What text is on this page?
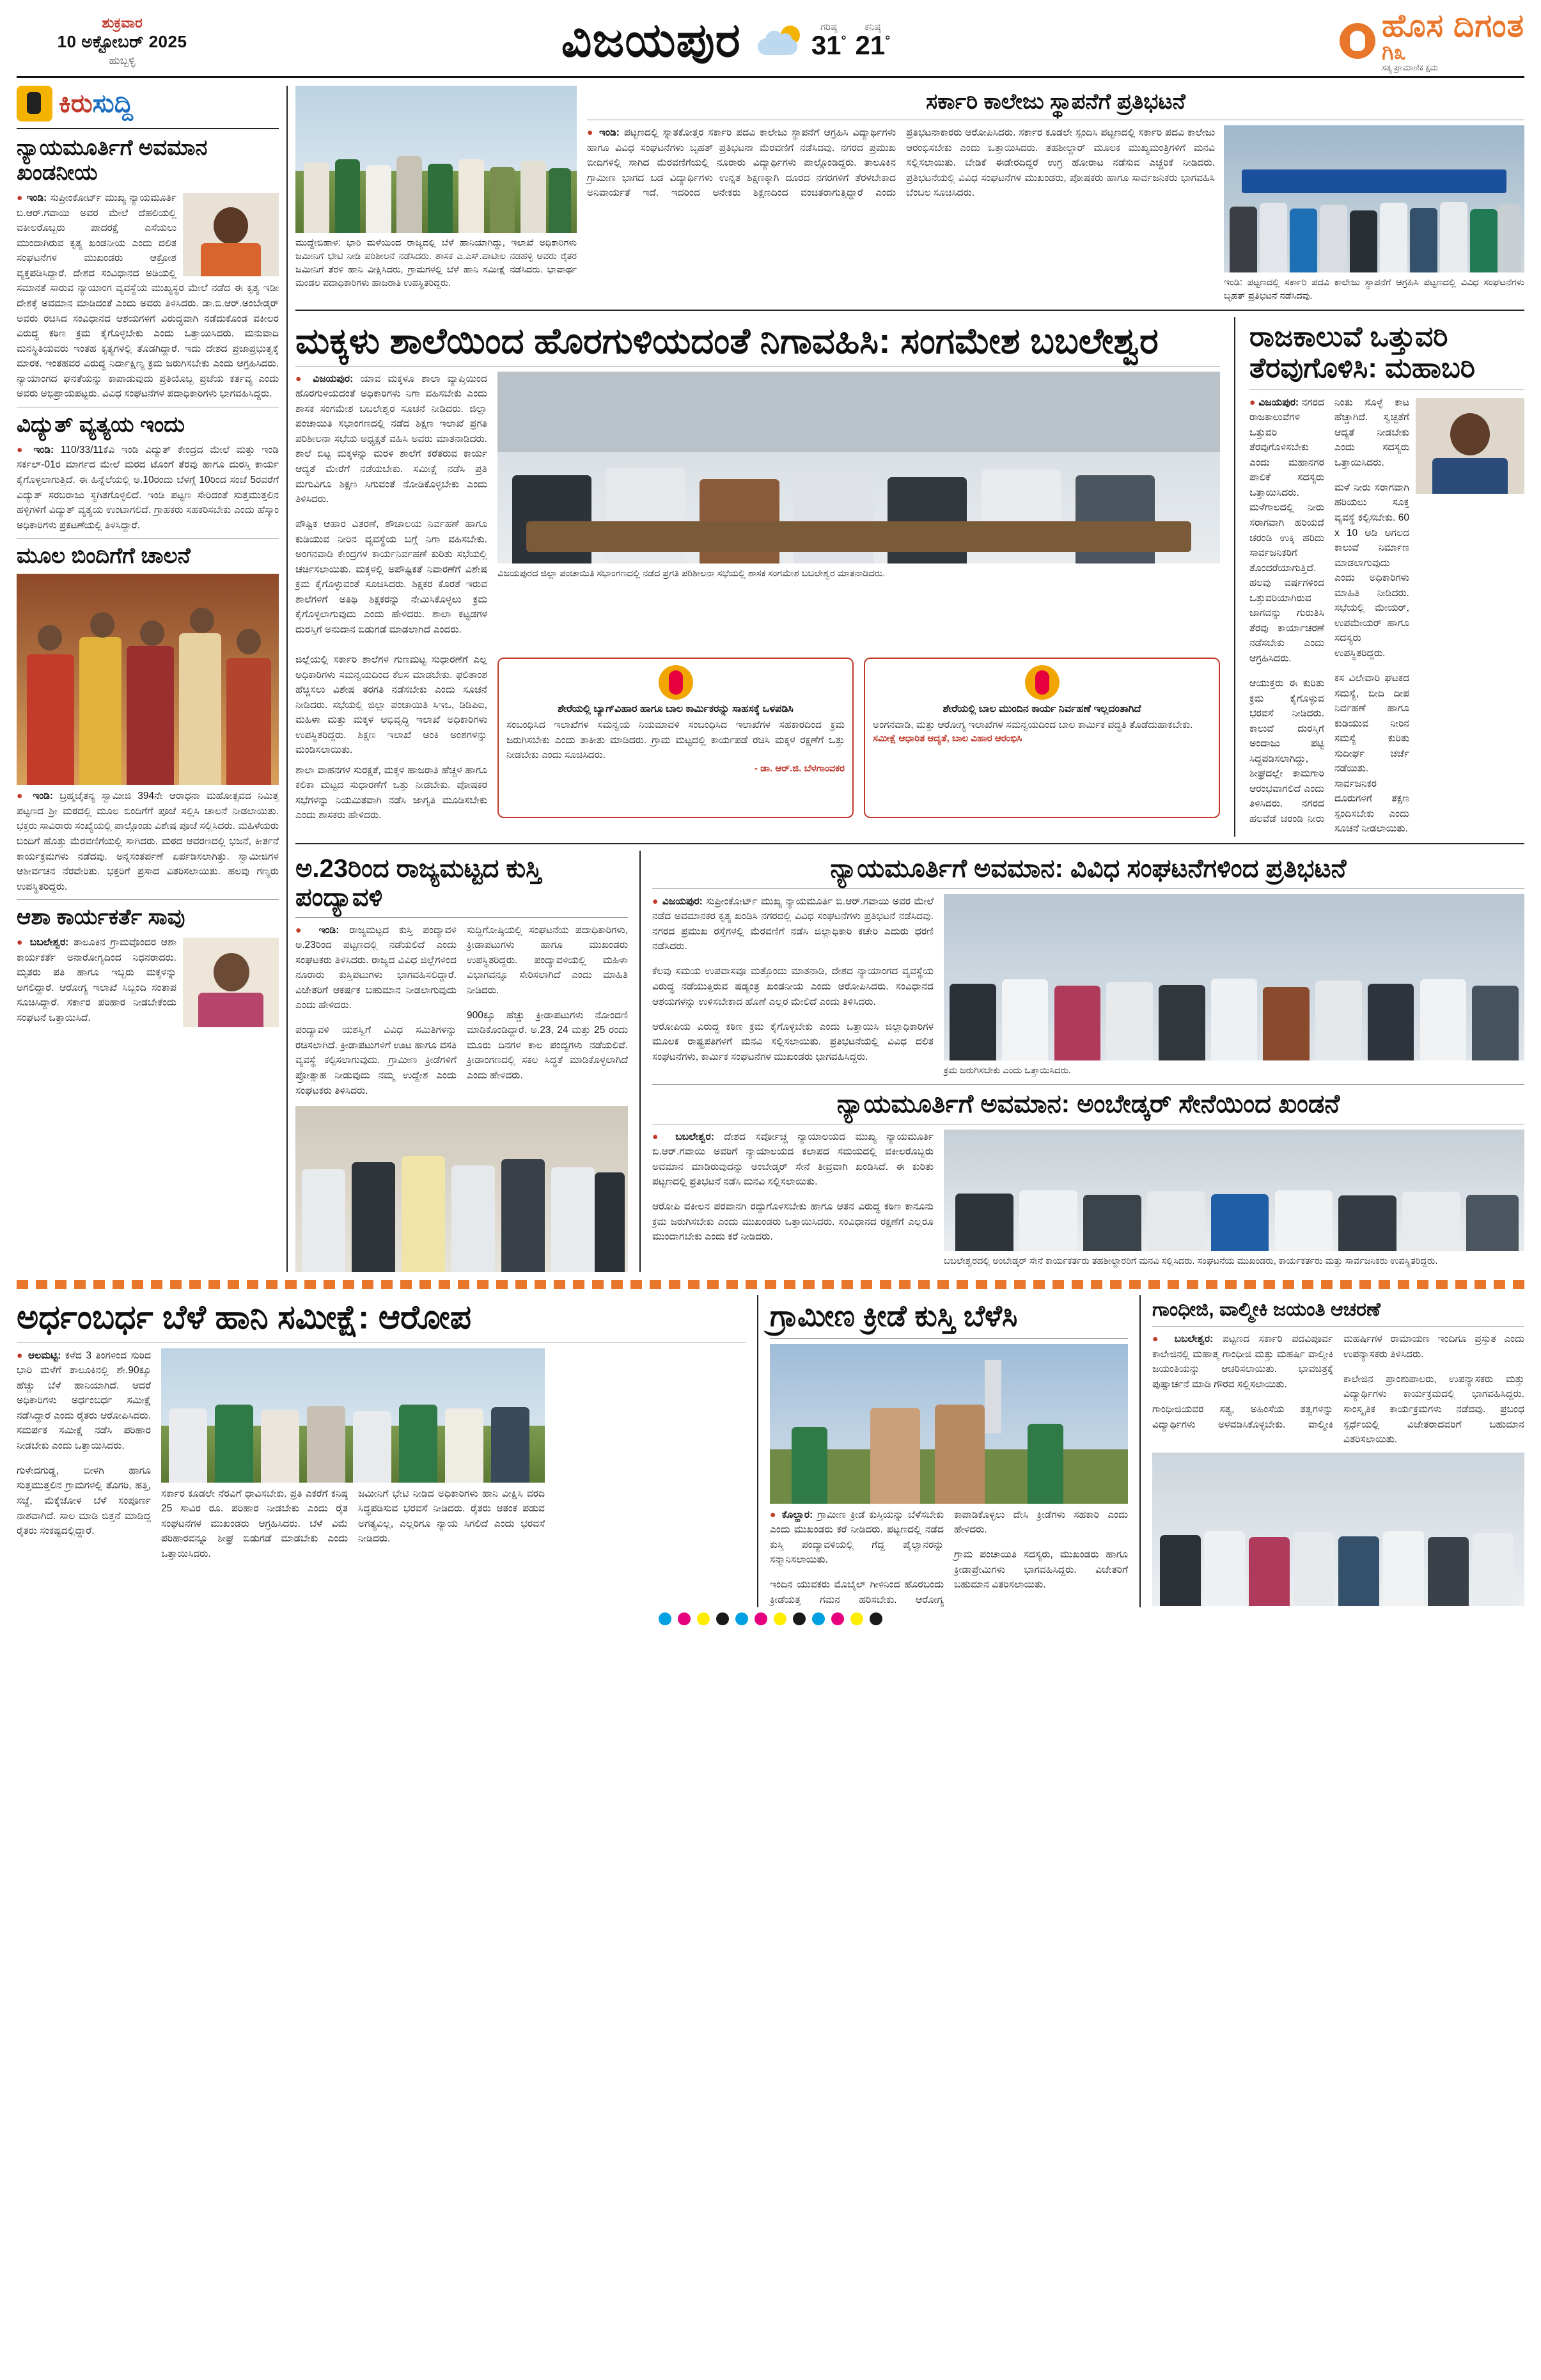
ಶುಕ್ರವಾರ
10 ಅಕ್ಟೋಬರ್ 2025
ಹುಬ್ಬಳ್ಳಿ	ವಿಜಯಪುರ	ಗರಿಷ್ಠ
31°
ಕನಿಷ್ಠ
21°	ಹೊಸ ದಿಗಂತ
ಗಿ೩
ಸತ್ಯ ಪ್ರಾಮಾಣಿಕ ಕ್ಷಮ
ಕಿರುಸುದ್ದಿ
ನ್ಯಾಯಮೂರ್ತಿಗೆ ಅವಮಾನ ಖಂಡನೀಯ
● ಇಂಡಿ: ಸುಪ್ರೀಂಕೋರ್ಟ್ ಮುಖ್ಯ ನ್ಯಾಯಮೂರ್ತಿ ಬಿ.ಆರ್.ಗವಾಯಿ ಅವರ ಮೇಲೆ ದೆಹಲಿಯಲ್ಲಿ ವಕೀಲರೊಬ್ಬರು ಪಾದರಕ್ಷೆ ಎಸೆಯಲು ಮುಂದಾಗಿರುವ ಕೃತ್ಯ ಖಂಡನೀಯ ಎಂದು ದಲಿತ ಸಂಘಟನೆಗಳ ಮುಖಂಡರು ಆಕ್ರೋಶ ವ್ಯಕ್ತಪಡಿಸಿದ್ದಾರೆ. ದೇಶದ ಸಂವಿಧಾನದ ಅಡಿಯಲ್ಲಿ ಸಮಾನತೆ ಸಾರುವ ನ್ಯಾಯಾಂಗ ವ್ಯವಸ್ಥೆಯ ಮುಖ್ಯಸ್ಥರ ಮೇಲೆ ನಡೆದ ಈ ಕೃತ್ಯ ಇಡೀ ದೇಶಕ್ಕೆ ಅವಮಾನ ಮಾಡಿದಂತೆ ಎಂದು ಅವರು ತಿಳಿಸಿದರು. ಡಾ.ಬಿ.ಆರ್.ಅಂಬೇಡ್ಕರ್ ಅವರು ರಚಿಸಿದ ಸಂವಿಧಾನದ ಆಶಯಗಳಿಗೆ ವಿರುದ್ಧವಾಗಿ ನಡೆದುಕೊಂಡ ವಕೀಲರ ವಿರುದ್ಧ ಕಠಿಣ ಕ್ರಮ ಕೈಗೊಳ್ಳಬೇಕು ಎಂದು ಒತ್ತಾಯಿಸಿದರು. ಮನುವಾದಿ ಮನಸ್ಥಿತಿಯವರು ಇಂತಹ ಕೃತ್ಯಗಳಲ್ಲಿ ತೊಡಗಿದ್ದಾರೆ. ಇದು ದೇಶದ ಪ್ರಜಾಪ್ರಭುತ್ವಕ್ಕೆ ಮಾರಕ. ಇಂತಹವರ ವಿರುದ್ಧ ನಿರ್ದಾಕ್ಷಿಣ್ಯ ಕ್ರಮ ಜರುಗಿಸಬೇಕು ಎಂದು ಆಗ್ರಹಿಸಿದರು. ನ್ಯಾಯಾಂಗದ ಘನತೆಯನ್ನು ಕಾಪಾಡುವುದು ಪ್ರತಿಯೊಬ್ಬ ಪ್ರಜೆಯ ಕರ್ತವ್ಯ ಎಂದು ಅವರು ಅಭಿಪ್ರಾಯಪಟ್ಟರು. ವಿವಿಧ ಸಂಘಟನೆಗಳ ಪದಾಧಿಕಾರಿಗಳು ಭಾಗವಹಿಸಿದ್ದರು.
ವಿದ್ಯುತ್ ವ್ಯತ್ಯಯ ಇಂದು
● ಇಂಡಿ: 110/33/11ಕೆವಿ ಇಂಡಿ ವಿದ್ಯುತ್ ಕೇಂದ್ರದ ಮೇಲೆ ಮತ್ತು ಇಂಡಿ ಸರ್ಕಲ್-01ರ ಮಾರ್ಗದ ಮೇಲೆ ಮರದ ಟೊಂಗೆ ತೆರವು ಹಾಗೂ ದುರಸ್ತಿ ಕಾರ್ಯ ಕೈಗೊಳ್ಳಲಾಗುತ್ತಿದೆ. ಈ ಹಿನ್ನೆಲೆಯಲ್ಲಿ ಅ.10ರಂದು ಬೆಳಗ್ಗೆ 10ರಿಂದ ಸಂಜೆ 5ರವರೆಗೆ ವಿದ್ಯುತ್ ಸರಬರಾಜು ಸ್ಥಗಿತಗೊಳ್ಳಲಿದೆ. ಇಂಡಿ ಪಟ್ಟಣ ಸೇರಿದಂತೆ ಸುತ್ತಮುತ್ತಲಿನ ಹಳ್ಳಿಗಳಿಗೆ ವಿದ್ಯುತ್ ವ್ಯತ್ಯಯ ಉಂಟಾಗಲಿದೆ. ಗ್ರಾಹಕರು ಸಹಕರಿಸಬೇಕು ಎಂದು ಹೆಸ್ಕಾಂ ಅಧಿಕಾರಿಗಳು ಪ್ರಕಟಣೆಯಲ್ಲಿ ತಿಳಿಸಿದ್ದಾರೆ.
ಮೂಲ ಬಿಂದಿಗೆಗೆ ಚಾಲನೆ
● ಇಂಡಿ: ಬ್ರಹ್ಮಚೈತನ್ಯ ಸ್ವಾಮೀಜಿ 394ನೇ ಆರಾಧನಾ ಮಹೋತ್ಸವದ ನಿಮಿತ್ತ ಪಟ್ಟಣದ ಶ್ರೀ ಮಠದಲ್ಲಿ ಮೂಲ ಬಿಂದಿಗೆಗೆ ಪೂಜೆ ಸಲ್ಲಿಸಿ ಚಾಲನೆ ನೀಡಲಾಯಿತು. ಭಕ್ತರು ಸಾವಿರಾರು ಸಂಖ್ಯೆಯಲ್ಲಿ ಪಾಲ್ಗೊಂಡು ವಿಶೇಷ ಪೂಜೆ ಸಲ್ಲಿಸಿದರು. ಮಹಿಳೆಯರು ಬಿಂದಿಗೆ ಹೊತ್ತು ಮೆರವಣಿಗೆಯಲ್ಲಿ ಸಾಗಿದರು. ಮಠದ ಆವರಣದಲ್ಲಿ ಭಜನೆ, ಕೀರ್ತನೆ ಕಾರ್ಯಕ್ರಮಗಳು ನಡೆದವು. ಅನ್ನಸಂತರ್ಪಣೆ ಏರ್ಪಡಿಸಲಾಗಿತ್ತು. ಸ್ವಾಮೀಜಿಗಳ ಆಶೀರ್ವಚನ ನೆರವೇರಿತು. ಭಕ್ತರಿಗೆ ಪ್ರಸಾದ ವಿತರಿಸಲಾಯಿತು. ಹಲವು ಗಣ್ಯರು ಉಪಸ್ಥಿತರಿದ್ದರು.
ಆಶಾ ಕಾರ್ಯಕರ್ತೆ ಸಾವು
● ಬಬಲೇಶ್ವರ: ತಾಲೂಕಿನ ಗ್ರಾಮವೊಂದರ ಆಶಾ ಕಾರ್ಯಕರ್ತೆ ಅನಾರೋಗ್ಯದಿಂದ ನಿಧನರಾದರು. ಮೃತರು ಪತಿ ಹಾಗೂ ಇಬ್ಬರು ಮಕ್ಕಳನ್ನು ಅಗಲಿದ್ದಾರೆ. ಆರೋಗ್ಯ ಇಲಾಖೆ ಸಿಬ್ಬಂದಿ ಸಂತಾಪ ಸೂಚಿಸಿದ್ದಾರೆ. ಸರ್ಕಾರ ಪರಿಹಾರ ನೀಡಬೇಕೆಂದು ಸಂಘಟನೆ ಒತ್ತಾಯಿಸಿದೆ.
ಮುದ್ದೇಬಿಹಾಳ: ಭಾರಿ ಮಳೆಯಿಂದ ರಾಜ್ಯದಲ್ಲಿ ಬೆಳೆ ಹಾನಿಯಾಗಿದ್ದು, ಇಲಾಖೆ ಅಧಿಕಾರಿಗಳು ಜಮೀನಿಗೆ ಭೇಟಿ ನೀಡಿ ಪರಿಶೀಲನೆ ನಡೆಸಿದರು. ಶಾಸಕ ಎ.ಎಸ್.ಪಾಟೀಲ ನಡಹಳ್ಳಿ ಅವರು ರೈತರ ಜಮೀನಿಗೆ ತೆರಳಿ ಹಾನಿ ವೀಕ್ಷಿಸಿದರು, ಗ್ರಾಮಗಳಲ್ಲಿ ಬೆಳೆ ಹಾನಿ ಸಮೀಕ್ಷೆ ನಡೆಸಿದರು. ಭಾವಾರ್ಥ ಮಂಡಲ ಪದಾಧಿಕಾರಿಗಳು ಹಾಜರಾತಿ ಉಪಸ್ಥಿತರಿದ್ದರು.
ಸರ್ಕಾರಿ ಕಾಲೇಜು ಸ್ಥಾಪನೆಗೆ ಪ್ರತಿಭಟನೆ
● ಇಂಡಿ: ಪಟ್ಟಣದಲ್ಲಿ ಸ್ನಾತಕೋತ್ತರ ಸರ್ಕಾರಿ ಪದವಿ ಕಾಲೇಜು ಸ್ಥಾಪನೆಗೆ ಆಗ್ರಹಿಸಿ ವಿದ್ಯಾರ್ಥಿಗಳು ಹಾಗೂ ವಿವಿಧ ಸಂಘಟನೆಗಳು ಬೃಹತ್ ಪ್ರತಿಭಟನಾ ಮೆರವಣಿಗೆ ನಡೆಸಿದವು. ನಗರದ ಪ್ರಮುಖ ಬೀದಿಗಳಲ್ಲಿ ಸಾಗಿದ ಮೆರವಣಿಗೆಯಲ್ಲಿ ನೂರಾರು ವಿದ್ಯಾರ್ಥಿಗಳು ಪಾಲ್ಗೊಂಡಿದ್ದರು. ತಾಲೂಕಿನ ಗ್ರಾಮೀಣ ಭಾಗದ ಬಡ ವಿದ್ಯಾರ್ಥಿಗಳು ಉನ್ನತ ಶಿಕ್ಷಣಕ್ಕಾಗಿ ದೂರದ ನಗರಗಳಿಗೆ ತೆರಳಬೇಕಾದ ಅನಿವಾರ್ಯತೆ ಇದೆ. ಇದರಿಂದ ಅನೇಕರು ಶಿಕ್ಷಣದಿಂದ ವಂಚಿತರಾಗುತ್ತಿದ್ದಾರೆ ಎಂದು ಪ್ರತಿಭಟನಾಕಾರರು ಆರೋಪಿಸಿದರು. ಸರ್ಕಾರ ಕೂಡಲೇ ಸ್ಪಂದಿಸಿ ಪಟ್ಟಣದಲ್ಲಿ ಸರ್ಕಾರಿ ಪದವಿ ಕಾಲೇಜು ಆರಂಭಿಸಬೇಕು ಎಂದು ಒತ್ತಾಯಿಸಿದರು. ತಹಶೀಲ್ದಾರ್ ಮೂಲಕ ಮುಖ್ಯಮಂತ್ರಿಗಳಿಗೆ ಮನವಿ ಸಲ್ಲಿಸಲಾಯಿತು. ಬೇಡಿಕೆ ಈಡೇರದಿದ್ದರೆ ಉಗ್ರ ಹೋರಾಟ ನಡೆಸುವ ಎಚ್ಚರಿಕೆ ನೀಡಿದರು. ಪ್ರತಿಭಟನೆಯಲ್ಲಿ ವಿವಿಧ ಸಂಘಟನೆಗಳ ಮುಖಂಡರು, ಪೋಷಕರು ಹಾಗೂ ಸಾರ್ವಜನಿಕರು ಭಾಗವಹಿಸಿ ಬೆಂಬಲ ಸೂಚಿಸಿದರು.
ಇಂಡಿ: ಪಟ್ಟಣದಲ್ಲಿ ಸರ್ಕಾರಿ ಪದವಿ ಕಾಲೇಜು ಸ್ಥಾಪನೆಗೆ ಆಗ್ರಹಿಸಿ ಪಟ್ಟಣದಲ್ಲಿ ವಿವಿಧ ಸಂಘಟನೆಗಳು ಬೃಹತ್ ಪ್ರತಿಭಟನೆ ನಡೆಸಿದವು.
ಮಕ್ಕಳು ಶಾಲೆಯಿಂದ ಹೊರಗುಳಿಯದಂತೆ ನಿಗಾವಹಿಸಿ: ಸಂಗಮೇಶ ಬಬಲೇಶ್ವರ
● ವಿಜಯಪುರ: ಯಾವ ಮಕ್ಕಳೂ ಶಾಲಾ ವ್ಯಾಪ್ತಿಯಿಂದ ಹೊರಗುಳಿಯದಂತೆ ಅಧಿಕಾರಿಗಳು ನಿಗಾ ವಹಿಸಬೇಕು ಎಂದು ಶಾಸಕ ಸಂಗಮೇಶ ಬಬಲೇಶ್ವರ ಸೂಚನೆ ನೀಡಿದರು. ಜಿಲ್ಲಾ ಪಂಚಾಯಿತಿ ಸಭಾಂಗಣದಲ್ಲಿ ನಡೆದ ಶಿಕ್ಷಣ ಇಲಾಖೆ ಪ್ರಗತಿ ಪರಿಶೀಲನಾ ಸಭೆಯ ಅಧ್ಯಕ್ಷತೆ ವಹಿಸಿ ಅವರು ಮಾತನಾಡಿದರು. ಶಾಲೆ ಬಿಟ್ಟ ಮಕ್ಕಳನ್ನು ಮರಳಿ ಶಾಲೆಗೆ ಕರೆತರುವ ಕಾರ್ಯ ಆದ್ಯತೆ ಮೇರೆಗೆ ನಡೆಯಬೇಕು. ಸಮೀಕ್ಷೆ ನಡೆಸಿ ಪ್ರತಿ ಮಗುವಿಗೂ ಶಿಕ್ಷಣ ಸಿಗುವಂತೆ ನೋಡಿಕೊಳ್ಳಬೇಕು ಎಂದು ತಿಳಿಸಿದರು.

ಪೌಷ್ಟಿಕ ಆಹಾರ ವಿತರಣೆ, ಶೌಚಾಲಯ ನಿರ್ವಹಣೆ ಹಾಗೂ ಕುಡಿಯುವ ನೀರಿನ ವ್ಯವಸ್ಥೆಯ ಬಗ್ಗೆ ನಿಗಾ ವಹಿಸಬೇಕು. ಅಂಗನವಾಡಿ ಕೇಂದ್ರಗಳ ಕಾರ್ಯನಿರ್ವಹಣೆ ಕುರಿತು ಸಭೆಯಲ್ಲಿ ಚರ್ಚಿಸಲಾಯಿತು. ಮಕ್ಕಳಲ್ಲಿ ಅಪೌಷ್ಟಿಕತೆ ನಿವಾರಣೆಗೆ ವಿಶೇಷ ಕ್ರಮ ಕೈಗೊಳ್ಳುವಂತೆ ಸೂಚಿಸಿದರು. ಶಿಕ್ಷಕರ ಕೊರತೆ ಇರುವ ಶಾಲೆಗಳಿಗೆ ಅತಿಥಿ ಶಿಕ್ಷಕರನ್ನು ನೇಮಿಸಿಕೊಳ್ಳಲು ಕ್ರಮ ಕೈಗೊಳ್ಳಲಾಗುವುದು ಎಂದು ಹೇಳಿದರು. ಶಾಲಾ ಕಟ್ಟಡಗಳ ದುರಸ್ತಿಗೆ ಅನುದಾನ ಬಿಡುಗಡೆ ಮಾಡಲಾಗಿದೆ ಎಂದರು.

ವಿಜಯಪುರದ ಜಿಲ್ಲಾ ಪಂಚಾಯಿತಿ ಸಭಾಂಗಣದಲ್ಲಿ ನಡೆದ ಪ್ರಗತಿ ಪರಿಶೀಲನಾ ಸಭೆಯಲ್ಲಿ ಶಾಸಕ ಸಂಗಮೇಶ ಬಬಲೇಶ್ವರ ಮಾತನಾಡಿದರು.
ಜಿಲ್ಲೆಯಲ್ಲಿ ಸರ್ಕಾರಿ ಶಾಲೆಗಳ ಗುಣಮಟ್ಟ ಸುಧಾರಣೆಗೆ ಎಲ್ಲ ಅಧಿಕಾರಿಗಳು ಸಮನ್ವಯದಿಂದ ಕೆಲಸ ಮಾಡಬೇಕು. ಫಲಿತಾಂಶ ಹೆಚ್ಚಿಸಲು ವಿಶೇಷ ತರಗತಿ ನಡೆಸಬೇಕು ಎಂದು ಸೂಚನೆ ನೀಡಿದರು. ಸಭೆಯಲ್ಲಿ ಜಿಲ್ಲಾ ಪಂಚಾಯಿತಿ ಸಿಇಒ, ಡಿಡಿಪಿಐ, ಮಹಿಳಾ ಮತ್ತು ಮಕ್ಕಳ ಅಭಿವೃದ್ಧಿ ಇಲಾಖೆ ಅಧಿಕಾರಿಗಳು ಉಪಸ್ಥಿತರಿದ್ದರು. ಶಿಕ್ಷಣ ಇಲಾಖೆ ಅಂಕಿ ಅಂಶಗಳನ್ನು ಮಂಡಿಸಲಾಯಿತು.
ಶಾಲಾ ವಾಹನಗಳ ಸುರಕ್ಷತೆ, ಮಕ್ಕಳ ಹಾಜರಾತಿ ಹೆಚ್ಚಳ ಹಾಗೂ ಕಲಿಕಾ ಮಟ್ಟದ ಸುಧಾರಣೆಗೆ ಒತ್ತು ನೀಡಬೇಕು. ಪೋಷಕರ ಸಭೆಗಳನ್ನು ನಿಯಮಿತವಾಗಿ ನಡೆಸಿ ಜಾಗೃತಿ ಮೂಡಿಸಬೇಕು ಎಂದು ಶಾಸಕರು ಹೇಳಿದರು.
ಶೇರೆಯಲ್ಲಿ ಬ್ಯಾಗ್‌ವಿಹಾರ ಹಾಗೂ ಬಾಲ ಕಾರ್ಮಿಕರನ್ನು ಸಾಹಸಕ್ಕೆ ಒಳಪಡಿಸಿ
ಸಂಬಂಧಿಸಿದ ಇಲಾಖೆಗಳ ಸಮನ್ವಯ ನಿಯಮಾವಳಿ ಸಂಬಂಧಿಸಿದ ಇಲಾಖೆಗಳ ಸಹಕಾರದಿಂದ ಕ್ರಮ ಜರುಗಿಸಬೇಕು ಎಂದು ತಾಕೀತು ಮಾಡಿದರು. ಗ್ರಾಮ ಮಟ್ಟದಲ್ಲಿ ಕಾರ್ಯಪಡೆ ರಚಿಸಿ ಮಕ್ಕಳ ರಕ್ಷಣೆಗೆ ಒತ್ತು ನೀಡಬೇಕು ಎಂದು ಸೂಚಿಸಿದರು.
- ಡಾ. ಆರ್.ಜಿ. ಬೆಳಗಾಂವಕರ
ಶೇರೆಯಲ್ಲಿ ಬಾಲ ಮುಂದಿನ ಕಾರ್ಯ ನಿರ್ವಹಣೆ ಇಲ್ಲದಂತಾಗಿದೆ
ಅಂಗನವಾಡಿ, ಮತ್ತು ಆರೋಗ್ಯ ಇಲಾಖೆಗಳ ಸಮನ್ವಯದಿಂದ ಬಾಲ ಕಾರ್ಮಿಕ ಪದ್ಧತಿ ತೊಡೆದುಹಾಕಬೇಕು.
ಸಮೀಕ್ಷೆ ಆಧಾರಿತ ಆದ್ಯತೆ, ಬಾಲ ವಿಹಾರ ಆರಂಭಿಸಿ
ರಾಜಕಾಲುವೆ ಒತ್ತುವರಿ ತೆರವುಗೊಳಿಸಿ: ಮಹಾಬರಿ
● ವಿಜಯಪುರ: ನಗರದ ರಾಜಕಾಲುವೆಗಳ ಒತ್ತುವರಿ ತೆರವುಗೊಳಿಸಬೇಕು ಎಂದು ಮಹಾನಗರ ಪಾಲಿಕೆ ಸದಸ್ಯರು ಒತ್ತಾಯಿಸಿದರು. ಮಳೆಗಾಲದಲ್ಲಿ ನೀರು ಸರಾಗವಾಗಿ ಹರಿಯದೆ ಚರಂಡಿ ಉಕ್ಕಿ ಹರಿದು ಸಾರ್ವಜನಿಕರಿಗೆ ತೊಂದರೆಯಾಗುತ್ತಿದೆ. ಹಲವು ವರ್ಷಗಳಿಂದ ಒತ್ತುವರಿಯಾಗಿರುವ ಜಾಗವನ್ನು ಗುರುತಿಸಿ ತೆರವು ಕಾರ್ಯಾಚರಣೆ ನಡೆಸಬೇಕು ಎಂದು ಆಗ್ರಹಿಸಿದರು.

ಆಯುಕ್ತರು ಈ ಕುರಿತು ಕ್ರಮ ಕೈಗೊಳ್ಳುವ ಭರವಸೆ ನೀಡಿದರು. ಕಾಲುವೆ ದುರಸ್ತಿಗೆ ಅಂದಾಜು ಪಟ್ಟಿ ಸಿದ್ಧಪಡಿಸಲಾಗಿದ್ದು, ಶೀಘ್ರದಲ್ಲೇ ಕಾಮಗಾರಿ ಆರಂಭವಾಗಲಿದೆ ಎಂದು ತಿಳಿಸಿದರು. ನಗರದ ಹಲವೆಡೆ ಚರಂಡಿ ನೀರು ನಿಂತು ಸೊಳ್ಳೆ ಕಾಟ ಹೆಚ್ಚಾಗಿದೆ. ಸ್ವಚ್ಛತೆಗೆ ಆದ್ಯತೆ ನೀಡಬೇಕು ಎಂದು ಸದಸ್ಯರು ಒತ್ತಾಯಿಸಿದರು.

ಮಳೆ ನೀರು ಸರಾಗವಾಗಿ ಹರಿಯಲು ಸೂಕ್ತ ವ್ಯವಸ್ಥೆ ಕಲ್ಪಿಸಬೇಕು. 60 x 10 ಅಡಿ ಅಗಲದ ಕಾಲುವೆ ನಿರ್ಮಾಣ ಮಾಡಲಾಗುವುದು ಎಂದು ಅಧಿಕಾರಿಗಳು ಮಾಹಿತಿ ನೀಡಿದರು. ಸಭೆಯಲ್ಲಿ ಮೇಯರ್, ಉಪಮೇಯರ್ ಹಾಗೂ ಸದಸ್ಯರು ಉಪಸ್ಥಿತರಿದ್ದರು.

ಕಸ ವಿಲೇವಾರಿ ಘಟಕದ ಸಮಸ್ಯೆ, ಬೀದಿ ದೀಪ ನಿರ್ವಹಣೆ ಹಾಗೂ ಕುಡಿಯುವ ನೀರಿನ ಸಮಸ್ಯೆ ಕುರಿತು ಸುದೀರ್ಘ ಚರ್ಚೆ ನಡೆಯಿತು. ಸಾರ್ವಜನಿಕರ ದೂರುಗಳಿಗೆ ತಕ್ಷಣ ಸ್ಪಂದಿಸಬೇಕು ಎಂದು ಸೂಚನೆ ನೀಡಲಾಯಿತು.

ಅ.23ರಿಂದ ರಾಜ್ಯಮಟ್ಟದ ಕುಸ್ತಿ ಪಂದ್ಯಾವಳಿ
● ಇಂಡಿ: ರಾಜ್ಯಮಟ್ಟದ ಕುಸ್ತಿ ಪಂದ್ಯಾವಳಿ ಅ.23ರಿಂದ ಪಟ್ಟಣದಲ್ಲಿ ನಡೆಯಲಿದೆ ಎಂದು ಸಂಘಟಕರು ತಿಳಿಸಿದರು. ರಾಜ್ಯದ ವಿವಿಧ ಜಿಲ್ಲೆಗಳಿಂದ ನೂರಾರು ಕುಸ್ತಿಪಟುಗಳು ಭಾಗವಹಿಸಲಿದ್ದಾರೆ. ವಿಜೇತರಿಗೆ ಆಕರ್ಷಕ ಬಹುಮಾನ ನೀಡಲಾಗುವುದು ಎಂದು ಹೇಳಿದರು.

ಪಂದ್ಯಾವಳಿ ಯಶಸ್ವಿಗೆ ವಿವಿಧ ಸಮಿತಿಗಳನ್ನು ರಚಿಸಲಾಗಿದೆ. ಕ್ರೀಡಾಪಟುಗಳಿಗೆ ಊಟ ಹಾಗೂ ವಸತಿ ವ್ಯವಸ್ಥೆ ಕಲ್ಪಿಸಲಾಗುವುದು. ಗ್ರಾಮೀಣ ಕ್ರೀಡೆಗಳಿಗೆ ಪ್ರೋತ್ಸಾಹ ನೀಡುವುದು ನಮ್ಮ ಉದ್ದೇಶ ಎಂದು ಸಂಘಟಕರು ತಿಳಿಸಿದರು.

ಸುದ್ದಿಗೋಷ್ಠಿಯಲ್ಲಿ ಸಂಘಟನೆಯ ಪದಾಧಿಕಾರಿಗಳು, ಕ್ರೀಡಾಪಟುಗಳು ಹಾಗೂ ಮುಖಂಡರು ಉಪಸ್ಥಿತರಿದ್ದರು. ಪಂದ್ಯಾವಳಿಯಲ್ಲಿ ಮಹಿಳಾ ವಿಭಾಗವನ್ನೂ ಸೇರಿಸಲಾಗಿದೆ ಎಂದು ಮಾಹಿತಿ ನೀಡಿದರು.

900ಕ್ಕೂ ಹೆಚ್ಚು ಕ್ರೀಡಾಪಟುಗಳು ನೋಂದಣಿ ಮಾಡಿಕೊಂಡಿದ್ದಾರೆ. ಅ.23, 24 ಮತ್ತು 25 ರಂದು ಮೂರು ದಿನಗಳ ಕಾಲ ಪಂದ್ಯಗಳು ನಡೆಯಲಿವೆ. ಕ್ರೀಡಾಂಗಣದಲ್ಲಿ ಸಕಲ ಸಿದ್ಧತೆ ಮಾಡಿಕೊಳ್ಳಲಾಗಿದೆ ಎಂದು ಹೇಳಿದರು.

ನ್ಯಾಯಮೂರ್ತಿಗೆ ಅವಮಾನ: ವಿವಿಧ ಸಂಘಟನೆಗಳಿಂದ ಪ್ರತಿಭಟನೆ
● ವಿಜಯಪುರ: ಸುಪ್ರೀಂಕೋರ್ಟ್ ಮುಖ್ಯ ನ್ಯಾಯಮೂರ್ತಿ ಬಿ.ಆರ್.ಗವಾಯಿ ಅವರ ಮೇಲೆ ನಡೆದ ಅವಮಾನಕರ ಕೃತ್ಯ ಖಂಡಿಸಿ ನಗರದಲ್ಲಿ ವಿವಿಧ ಸಂಘಟನೆಗಳು ಪ್ರತಿಭಟನೆ ನಡೆಸಿದವು. ನಗರದ ಪ್ರಮುಖ ರಸ್ತೆಗಳಲ್ಲಿ ಮೆರವಣಿಗೆ ನಡೆಸಿ ಜಿಲ್ಲಾಧಿಕಾರಿ ಕಚೇರಿ ಎದುರು ಧರಣಿ ನಡೆಸಿದರು.

ಕೆಲವು ಸಮಯ ಉಪವಾಸವೂ ಮತ್ತೊಂದು ಮಾತನಾಡಿ, ದೇಶದ ನ್ಯಾಯಾಂಗದ ವ್ಯವಸ್ಥೆಯ ವಿರುದ್ಧ ನಡೆಯುತ್ತಿರುವ ಷಡ್ಯಂತ್ರ ಖಂಡನೀಯ ಎಂದು ಆರೋಪಿಸಿದರು. ಸಂವಿಧಾನದ ಆಶಯಗಳನ್ನು ಉಳಿಸಬೇಕಾದ ಹೊಣೆ ಎಲ್ಲರ ಮೇಲಿದೆ ಎಂದು ತಿಳಿಸಿದರು.

ಆರೋಪಿಯ ವಿರುದ್ಧ ಕಠಿಣ ಕ್ರಮ ಕೈಗೊಳ್ಳಬೇಕು ಎಂದು ಒತ್ತಾಯಿಸಿ ಜಿಲ್ಲಾಧಿಕಾರಿಗಳ ಮೂಲಕ ರಾಷ್ಟ್ರಪತಿಗಳಿಗೆ ಮನವಿ ಸಲ್ಲಿಸಲಾಯಿತು. ಪ್ರತಿಭಟನೆಯಲ್ಲಿ ವಿವಿಧ ದಲಿತ ಸಂಘಟನೆಗಳು, ಕಾರ್ಮಿಕ ಸಂಘಟನೆಗಳ ಮುಖಂಡರು ಭಾಗವಹಿಸಿದ್ದರು.

ಕ್ರಮ ಜರುಗಿಸಬೇಕು ಎಂದು ಒತ್ತಾಯಿಸಿದರು.
ನ್ಯಾಯಮೂರ್ತಿಗೆ ಅವಮಾನ: ಅಂಬೇಡ್ಕರ್ ಸೇನೆಯಿಂದ ಖಂಡನೆ
● ಬಬಲೇಶ್ವರ: ದೇಶದ ಸರ್ವೋಚ್ಚ ನ್ಯಾಯಾಲಯದ ಮುಖ್ಯ ನ್ಯಾಯಮೂರ್ತಿ ಬಿ.ಆರ್.ಗವಾಯಿ ಅವರಿಗೆ ನ್ಯಾಯಾಲಯದ ಕಲಾಪದ ಸಮಯದಲ್ಲಿ ವಕೀಲರೊಬ್ಬರು ಅವಮಾನ ಮಾಡಿರುವುದನ್ನು ಅಂಬೇಡ್ಕರ್ ಸೇನೆ ತೀವ್ರವಾಗಿ ಖಂಡಿಸಿದೆ. ಈ ಕುರಿತು ಪಟ್ಟಣದಲ್ಲಿ ಪ್ರತಿಭಟನೆ ನಡೆಸಿ ಮನವಿ ಸಲ್ಲಿಸಲಾಯಿತು.

ಆರೋಪಿ ವಕೀಲನ ಪರವಾನಗಿ ರದ್ದುಗೊಳಿಸಬೇಕು ಹಾಗೂ ಆತನ ವಿರುದ್ಧ ಕಠಿಣ ಕಾನೂನು ಕ್ರಮ ಜರುಗಿಸಬೇಕು ಎಂದು ಮುಖಂಡರು ಒತ್ತಾಯಿಸಿದರು. ಸಂವಿಧಾನದ ರಕ್ಷಣೆಗೆ ಎಲ್ಲರೂ ಮುಂದಾಗಬೇಕು ಎಂದು ಕರೆ ನೀಡಿದರು.

ಬಬಲೇಶ್ವರದಲ್ಲಿ ಅಂಬೇಡ್ಕರ್ ಸೇನೆ ಕಾರ್ಯಕರ್ತರು ತಹಶೀಲ್ದಾರರಿಗೆ ಮನವಿ ಸಲ್ಲಿಸಿದರು. ಸಂಘಟನೆಯ ಮುಖಂಡರು, ಕಾರ್ಯಕರ್ತರು ಮತ್ತು ಸಾರ್ವಜನಿಕರು ಉಪಸ್ಥಿತರಿದ್ದರು.
ಅರ್ಧಂಬರ್ಧ ಬೆಳೆ ಹಾನಿ ಸಮೀಕ್ಷೆ: ಆರೋಪ
● ಆಲಮಟ್ಟಿ: ಕಳೆದ 3 ತಿಂಗಳಿಂದ ಸುರಿದ ಭಾರಿ ಮಳೆಗೆ ತಾಲೂಕಿನಲ್ಲಿ ಶೇ.90ಕ್ಕೂ ಹೆಚ್ಚು ಬೆಳೆ ಹಾನಿಯಾಗಿದೆ. ಆದರೆ ಅಧಿಕಾರಿಗಳು ಅರ್ಧಂಬರ್ಧ ಸಮೀಕ್ಷೆ ನಡೆಸಿದ್ದಾರೆ ಎಂದು ರೈತರು ಆರೋಪಿಸಿದರು. ಸಮರ್ಪಕ ಸಮೀಕ್ಷೆ ನಡೆಸಿ ಪರಿಹಾರ ನೀಡಬೇಕು ಎಂದು ಒತ್ತಾಯಿಸಿದರು.

ಗುಳೇದಗುಡ್ಡ, ಬೀಳಗಿ ಹಾಗೂ ಸುತ್ತಮುತ್ತಲಿನ ಗ್ರಾಮಗಳಲ್ಲಿ ತೊಗರಿ, ಹತ್ತಿ, ಸಜ್ಜೆ, ಮೆಕ್ಕೆಜೋಳ ಬೆಳೆ ಸಂಪೂರ್ಣ ನಾಶವಾಗಿದೆ. ಸಾಲ ಮಾಡಿ ಬಿತ್ತನೆ ಮಾಡಿದ್ದ ರೈತರು ಸಂಕಷ್ಟದಲ್ಲಿದ್ದಾರೆ.

ಸರ್ಕಾರ ಕೂಡಲೇ ನೆರವಿಗೆ ಧಾವಿಸಬೇಕು. ಪ್ರತಿ ಎಕರೆಗೆ ಕನಿಷ್ಠ 25 ಸಾವಿರ ರೂ. ಪರಿಹಾರ ನೀಡಬೇಕು ಎಂದು ರೈತ ಸಂಘಟನೆಗಳ ಮುಖಂಡರು ಆಗ್ರಹಿಸಿದರು. ಬೆಳೆ ವಿಮೆ ಪರಿಹಾರವನ್ನೂ ಶೀಘ್ರ ಬಿಡುಗಡೆ ಮಾಡಬೇಕು ಎಂದು ಒತ್ತಾಯಿಸಿದರು.

ಜಮೀನಿಗೆ ಭೇಟಿ ನೀಡಿದ ಅಧಿಕಾರಿಗಳು ಹಾನಿ ವೀಕ್ಷಿಸಿ ವರದಿ ಸಿದ್ಧಪಡಿಸುವ ಭರವಸೆ ನೀಡಿದರು. ರೈತರು ಆತಂಕ ಪಡುವ ಅಗತ್ಯವಿಲ್ಲ, ಎಲ್ಲರಿಗೂ ನ್ಯಾಯ ಸಿಗಲಿದೆ ಎಂದು ಭರವಸೆ ನೀಡಿದರು.

ಗ್ರಾಮೀಣ ಕ್ರೀಡೆ ಕುಸ್ತಿ ಬೆಳೆಸಿ
● ಕೊಲ್ಹಾರ: ಗ್ರಾಮೀಣ ಕ್ರೀಡೆ ಕುಸ್ತಿಯನ್ನು ಬೆಳೆಸಬೇಕು ಎಂದು ಮುಖಂಡರು ಕರೆ ನೀಡಿದರು. ಪಟ್ಟಣದಲ್ಲಿ ನಡೆದ ಕುಸ್ತಿ ಪಂದ್ಯಾವಳಿಯಲ್ಲಿ ಗೆದ್ದ ಪೈಲ್ವಾನರನ್ನು ಸನ್ಮಾನಿಸಲಾಯಿತು.

ಇಂದಿನ ಯುವಕರು ಮೊಬೈಲ್ ಗೀಳಿನಿಂದ ಹೊರಬಂದು ಕ್ರೀಡೆಯತ್ತ ಗಮನ ಹರಿಸಬೇಕು. ಆರೋಗ್ಯ ಕಾಪಾಡಿಕೊಳ್ಳಲು ದೇಸಿ ಕ್ರೀಡೆಗಳು ಸಹಕಾರಿ ಎಂದು ಹೇಳಿದರು.

ಗ್ರಾಮ ಪಂಚಾಯಿತಿ ಸದಸ್ಯರು, ಮುಖಂಡರು ಹಾಗೂ ಕ್ರೀಡಾಪ್ರೇಮಿಗಳು ಭಾಗವಹಿಸಿದ್ದರು. ವಿಜೇತರಿಗೆ ಬಹುಮಾನ ವಿತರಿಸಲಾಯಿತು.

ಗಾಂಧೀಜಿ, ವಾಲ್ಮೀಕಿ ಜಯಂತಿ ಆಚರಣೆ
● ಬಬಲೇಶ್ವರ: ಪಟ್ಟಣದ ಸರ್ಕಾರಿ ಪದವಿಪೂರ್ವ ಕಾಲೇಜಿನಲ್ಲಿ ಮಹಾತ್ಮ ಗಾಂಧೀಜಿ ಮತ್ತು ಮಹರ್ಷಿ ವಾಲ್ಮೀಕಿ ಜಯಂತಿಯನ್ನು ಆಚರಿಸಲಾಯಿತು. ಭಾವಚಿತ್ರಕ್ಕೆ ಪುಷ್ಪಾರ್ಚನೆ ಮಾಡಿ ಗೌರವ ಸಲ್ಲಿಸಲಾಯಿತು.

ಗಾಂಧೀಜಿಯವರ ಸತ್ಯ, ಅಹಿಂಸೆಯ ತತ್ವಗಳನ್ನು ವಿದ್ಯಾರ್ಥಿಗಳು ಅಳವಡಿಸಿಕೊಳ್ಳಬೇಕು. ವಾಲ್ಮೀಕಿ ಮಹರ್ಷಿಗಳ ರಾಮಾಯಣ ಇಂದಿಗೂ ಪ್ರಸ್ತುತ ಎಂದು ಉಪನ್ಯಾಸಕರು ತಿಳಿಸಿದರು.

ಕಾಲೇಜಿನ ಪ್ರಾಂಶುಪಾಲರು, ಉಪನ್ಯಾಸಕರು ಮತ್ತು ವಿದ್ಯಾರ್ಥಿಗಳು ಕಾರ್ಯಕ್ರಮದಲ್ಲಿ ಭಾಗವಹಿಸಿದ್ದರು. ಸಾಂಸ್ಕೃತಿಕ ಕಾರ್ಯಕ್ರಮಗಳು ನಡೆದವು. ಪ್ರಬಂಧ ಸ್ಪರ್ಧೆಯಲ್ಲಿ ವಿಜೇತರಾದವರಿಗೆ ಬಹುಮಾನ ವಿತರಿಸಲಾಯಿತು.
